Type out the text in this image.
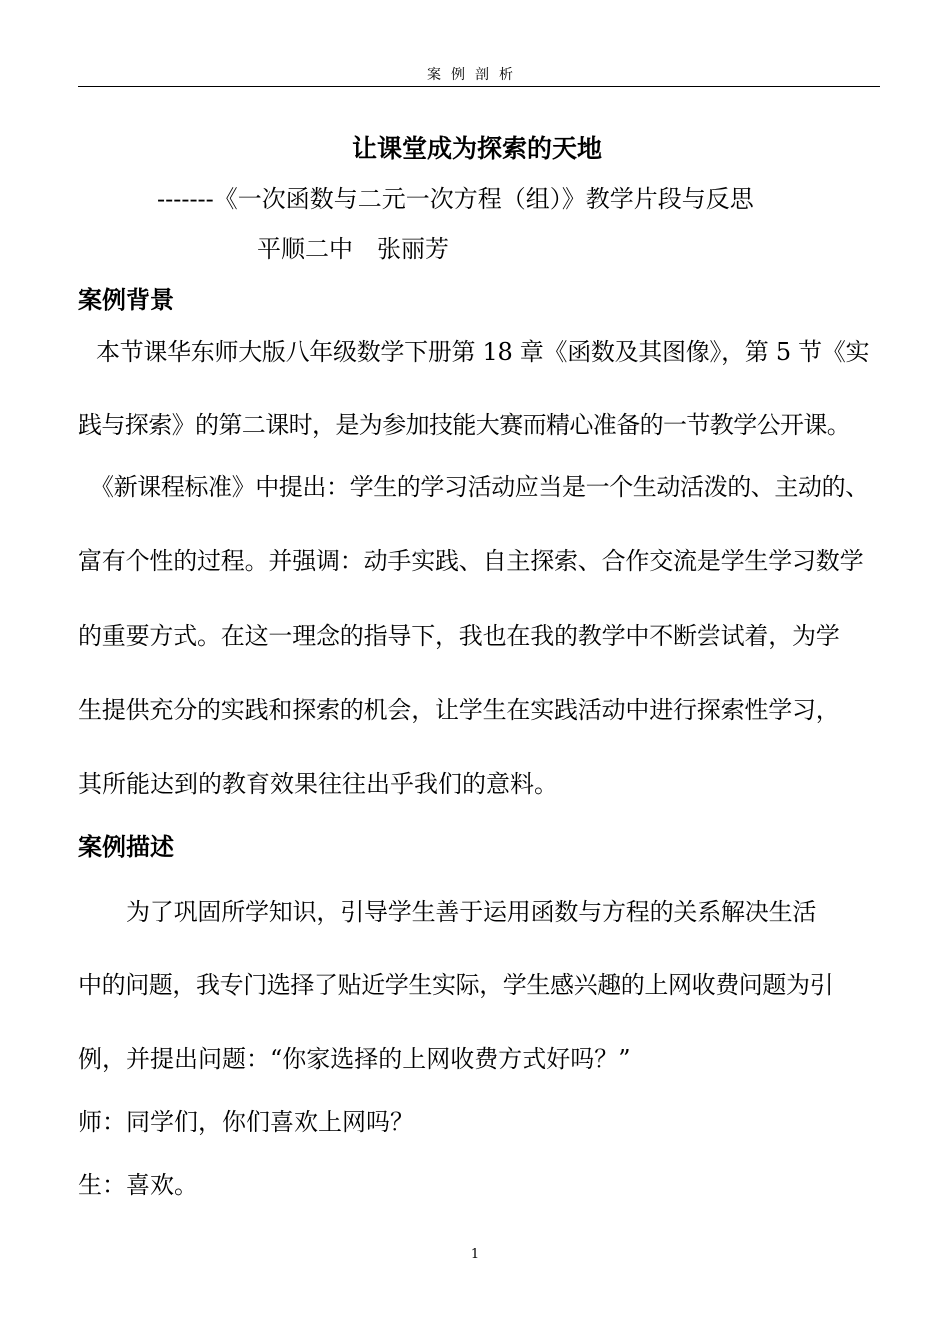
案例剖析
让课堂成为探索的天地
-------《一次函数与二元一次方程（组）》教学片段与反思
平顺二中　张丽芳
案例背景
本节课华东师大版八年级数学下册第 18 章《函数及其图像》，第 5 节《实
践与探索》的第二课时，是为参加技能大赛而精心准备的一节教学公开课。
《新课程标准》中提出：学生的学习活动应当是一个生动活泼的、主动的、
富有个性的过程。并强调：动手实践、自主探索、合作交流是学生学习数学
的重要方式。在这一理念的指导下，我也在我的教学中不断尝试着，为学
生提供充分的实践和探索的机会，让学生在实践活动中进行探索性学习，
其所能达到的教育效果往往出乎我们的意料。
案例描述
为了巩固所学知识，引导学生善于运用函数与方程的关系解决生活
中的问题，我专门选择了贴近学生实际，学生感兴趣的上网收费问题为引
例，并提出问题：“你家选择的上网收费方式好吗？”
师：同学们，你们喜欢上网吗？
生：喜欢。
1
